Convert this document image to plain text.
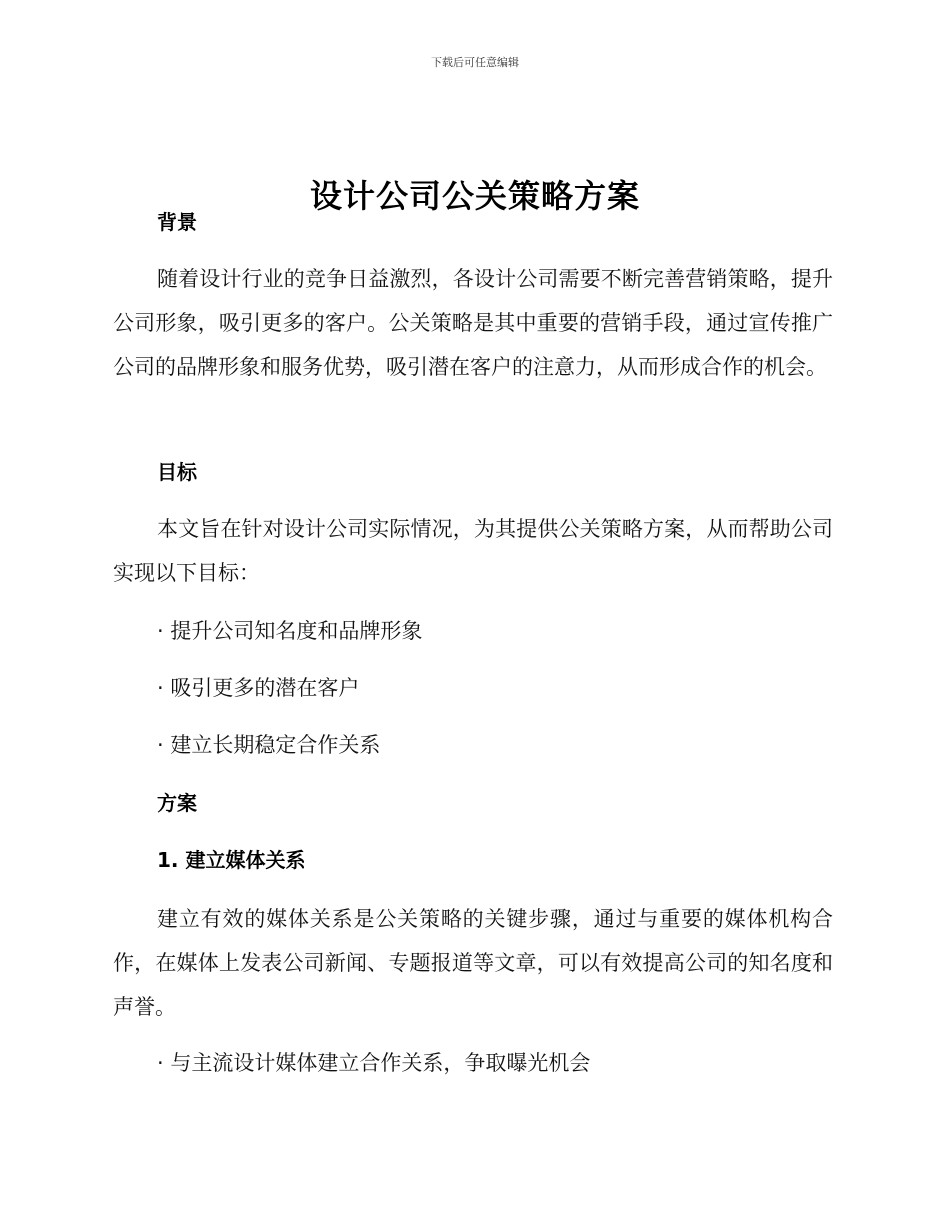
下载后可任意编辑
设计公司公关策略方案
背景

随着设计行业的竞争日益激烈，各设计公司需要不断完善营销策略，提升公司形象，吸引更多的客户。公关策略是其中重要的营销手段，通过宣传推广公司的品牌形象和服务优势，吸引潜在客户的注意力，从而形成合作的机会。

目标

本文旨在针对设计公司实际情况，为其提供公关策略方案，从而帮助公司实现以下目标：

· 提升公司知名度和品牌形象
· 吸引更多的潜在客户
· 建立长期稳定合作关系
方案
1. 建立媒体关系

建立有效的媒体关系是公关策略的关键步骤，通过与重要的媒体机构合作，在媒体上发表公司新闻、专题报道等文章，可以有效提高公司的知名度和声誉。

· 与主流设计媒体建立合作关系，争取曝光机会
